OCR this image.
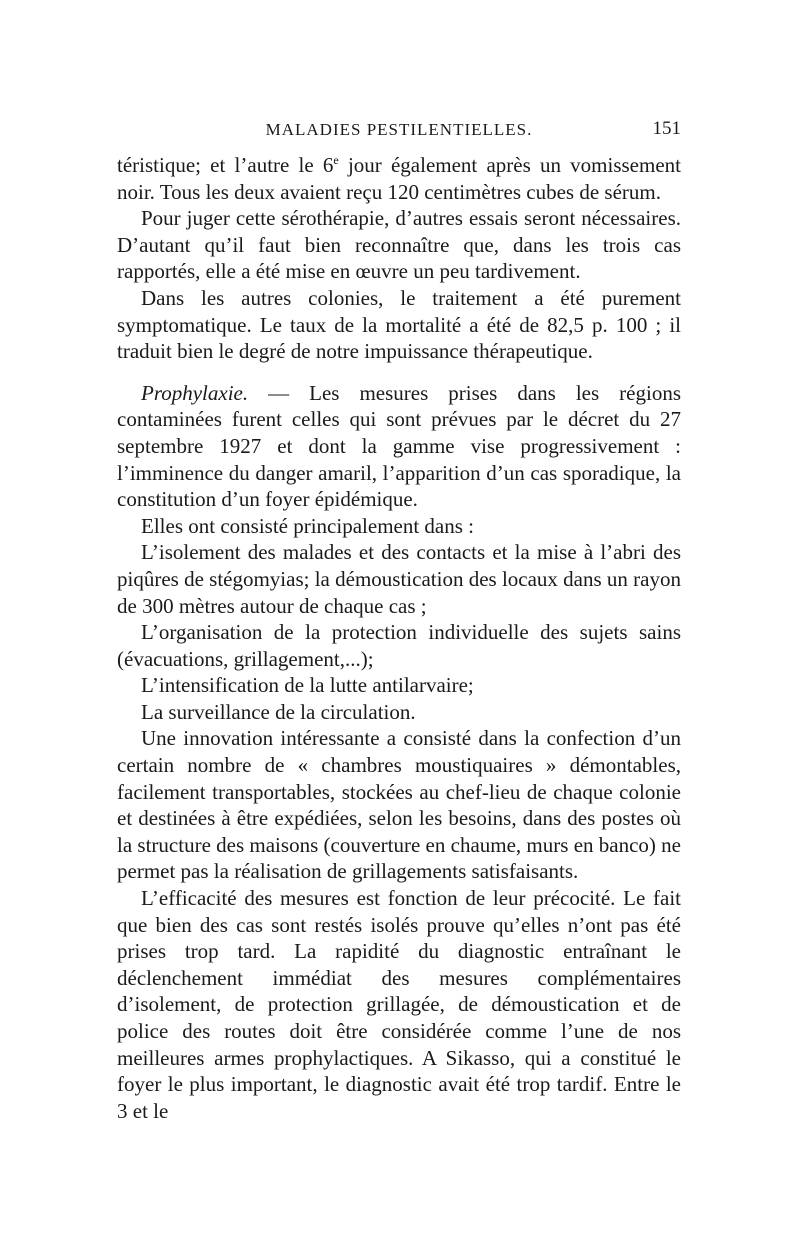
MALADIES PESTILENTIELLES.	151

téristique; et l’autre le 6e jour également après un vomissement noir. Tous les deux avaient reçu 120 centimètres cubes de sérum.

Pour juger cette sérothérapie, d’autres essais seront nécessaires. D’autant qu’il faut bien reconnaître que, dans les trois cas rapportés, elle a été mise en œuvre un peu tardivement.

Dans les autres colonies, le traitement a été purement symptomatique. Le taux de la mortalité a été de 82,5 p. 100 ; il traduit bien le degré de notre impuissance thérapeutique.

Prophylaxie. — Les mesures prises dans les régions contaminées furent celles qui sont prévues par le décret du 27 septembre 1927 et dont la gamme vise progressivement : l’imminence du danger amaril, l’apparition d’un cas sporadique, la constitution d’un foyer épidémique.

Elles ont consisté principalement dans :

L’isolement des malades et des contacts et la mise à l’abri des piqûres de stégomyias; la démoustication des locaux dans un rayon de 300 mètres autour de chaque cas ;

L’organisation de la protection individuelle des sujets sains (évacuations, grillagement,...);

L’intensification de la lutte antilarvaire;

La surveillance de la circulation.

Une innovation intéressante a consisté dans la confection d’un certain nombre de « chambres moustiquaires » démontables, facilement transportables, stockées au chef-lieu de chaque colonie et destinées à être expédiées, selon les besoins, dans des postes où la structure des maisons (couverture en chaume, murs en banco) ne permet pas la réalisation de grillagements satisfaisants.

L’efficacité des mesures est fonction de leur précocité. Le fait que bien des cas sont restés isolés prouve qu’elles n’ont pas été prises trop tard. La rapidité du diagnostic entraînant le déclenchement immédiat des mesures complémentaires d’isolement, de protection grillagée, de démoustication et de police des routes doit être considérée comme l’une de nos meilleures armes prophylactiques. A Sikasso, qui a constitué le foyer le plus important, le diagnostic avait été trop tardif. Entre le 3 et le
